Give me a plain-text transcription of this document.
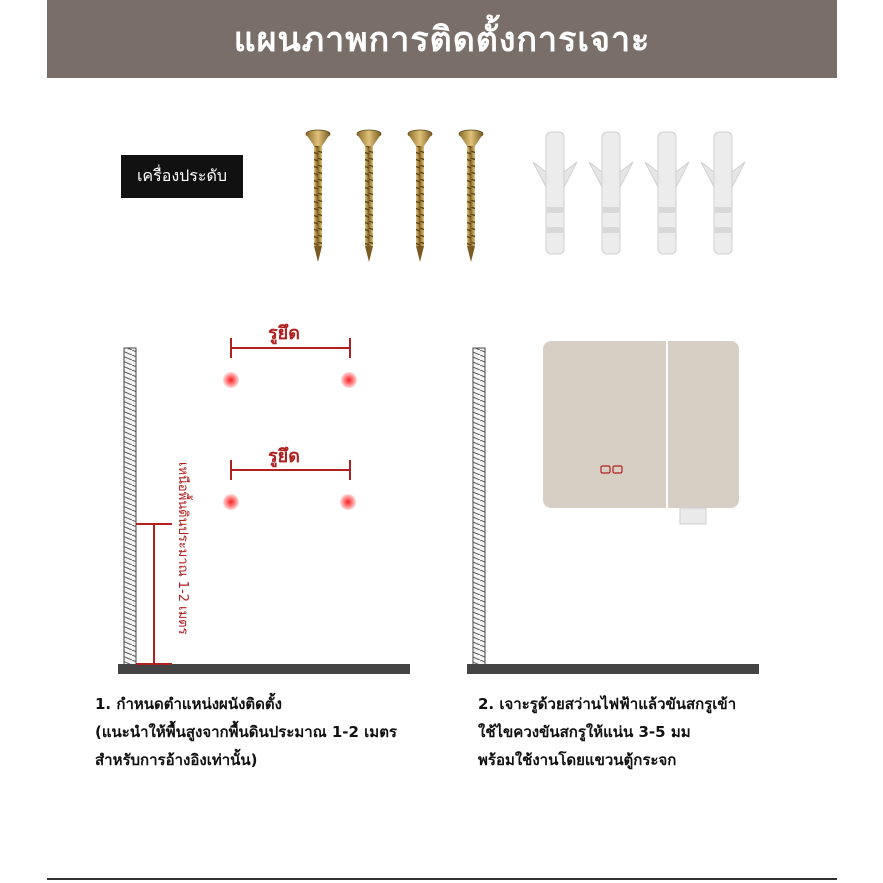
แผนภาพการติดตั้งการเจาะ
เครื่องประดับ
รูยึด
รูยึด
เหนือพื้นดินประมาณ 1-2 เมตร
1. กำหนดตำแหน่งผนังติดตั้ง
(แนะนำให้พื้นสูงจากพื้นดินประมาณ 1-2 เมตร
สำหรับการอ้างอิงเท่านั้น)
2. เจาะรูด้วยสว่านไฟฟ้าแล้วขันสกรูเข้า
ใช้ไขควงขันสกรูให้แน่น 3-5 มม
พร้อมใช้งานโดยแขวนตู้กระจก
